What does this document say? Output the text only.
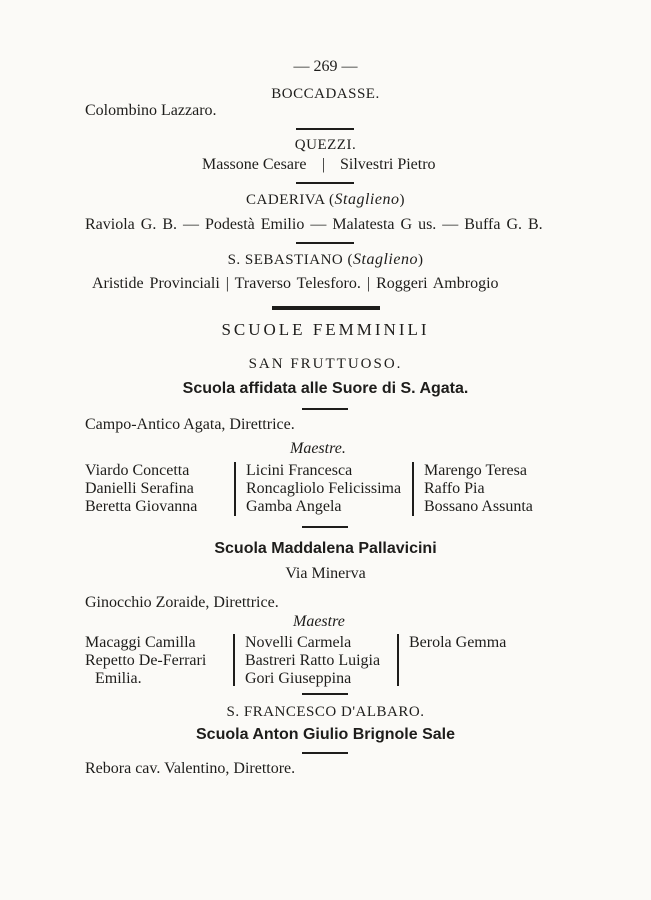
— 269 —
BOCCADASSE.
Colombino Lazzaro.
QUEZZI.
Massone Cesare | Silvestri Pietro
CADERIVA (Staglieno)
Raviola G. B. — Podestà Emilio — Malatesta G us. — Buffa G. B.
S. SEBASTIANO (Staglieno)
Aristide Provinciali | Traverso Telesforo. | Roggeri Ambrogio
SCUOLE FEMMINILI
SAN FRUTTUOSO.
Scuola affidata alle Suore di S. Agata.
Campo-Antico Agata, Direttrice.
Maestre.
Viardo Concetta
Danielli Serafina
Beretta Giovanna
Licini Francesca
Roncagliolo Felicissima
Gamba Angela
Marengo Teresa
Raffo Pia
Bossano Assunta
Scuola Maddalena Pallavicini
Via Minerva
Ginocchio Zoraide, Direttrice.
Maestre
Macaggi Camilla
Repetto De-Ferrari
Emilia.
Novelli Carmela
Bastreri Ratto Luigia
Gori Giuseppina
Berola Gemma
S. FRANCESCO D'ALBARO.
Scuola Anton Giulio Brignole Sale
Rebora cav. Valentino, Direttore.
